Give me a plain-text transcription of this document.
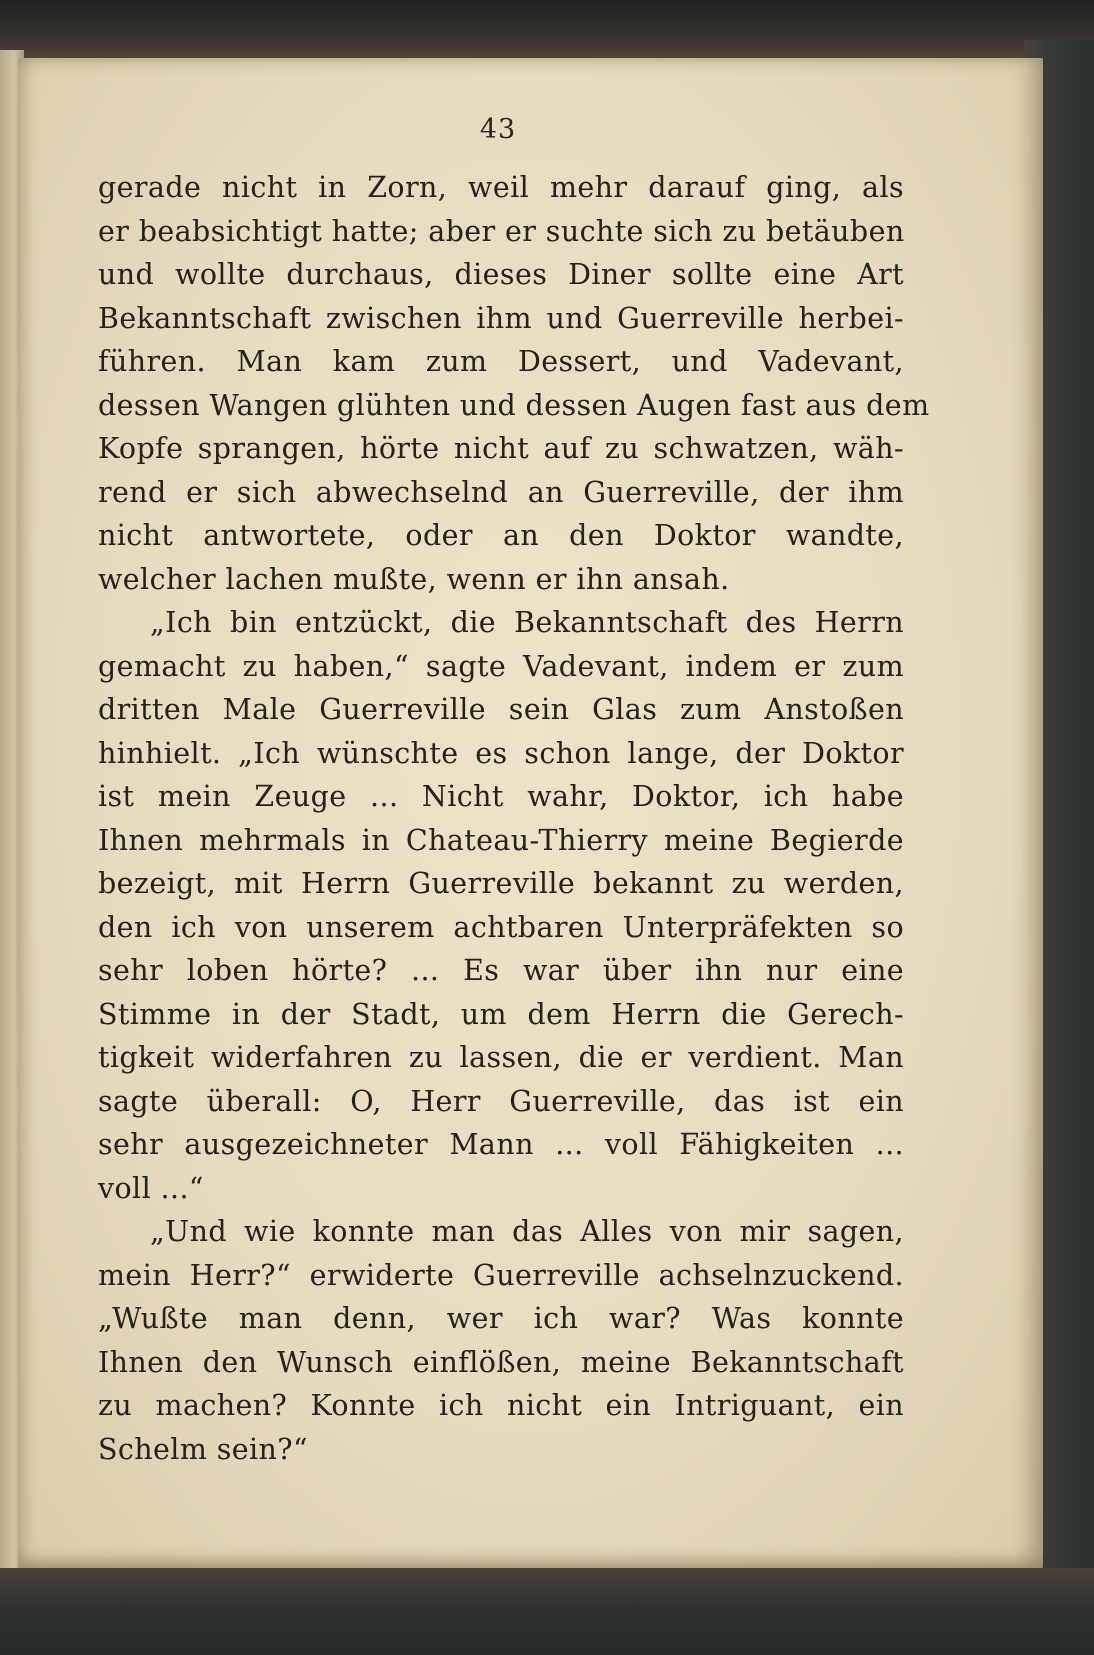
43
gerade nicht in Zorn, weil mehr darauf ging, als
er beabsichtigt hatte; aber er suchte sich zu betäuben
und wollte durchaus, dieses Diner sollte eine Art
Bekanntschaft zwischen ihm und Guerreville herbei-
führen. Man kam zum Dessert, und Vadevant,
dessen Wangen glühten und dessen Augen fast aus dem
Kopfe sprangen, hörte nicht auf zu schwatzen, wäh-
rend er sich abwechselnd an Guerreville, der ihm
nicht antwortete, oder an den Doktor wandte,
welcher lachen mußte, wenn er ihn ansah.
„Ich bin entzückt, die Bekanntschaft des Herrn
gemacht zu haben,“ sagte Vadevant, indem er zum
dritten Male Guerreville sein Glas zum Anstoßen
hinhielt. „Ich wünschte es schon lange, der Doktor
ist mein Zeuge ... Nicht wahr, Doktor, ich habe
Ihnen mehrmals in Chateau-Thierry meine Begierde
bezeigt, mit Herrn Guerreville bekannt zu werden,
den ich von unserem achtbaren Unterpräfekten so
sehr loben hörte? ... Es war über ihn nur eine
Stimme in der Stadt, um dem Herrn die Gerech-
tigkeit widerfahren zu lassen, die er verdient. Man
sagte überall: O, Herr Guerreville, das ist ein
sehr ausgezeichneter Mann ... voll Fähigkeiten ...
voll ...“
„Und wie konnte man das Alles von mir sagen,
mein Herr?“ erwiderte Guerreville achselnzuckend.
„Wußte man denn, wer ich war? Was konnte
Ihnen den Wunsch einflößen, meine Bekanntschaft
zu machen? Konnte ich nicht ein Intriguant, ein
Schelm sein?“
